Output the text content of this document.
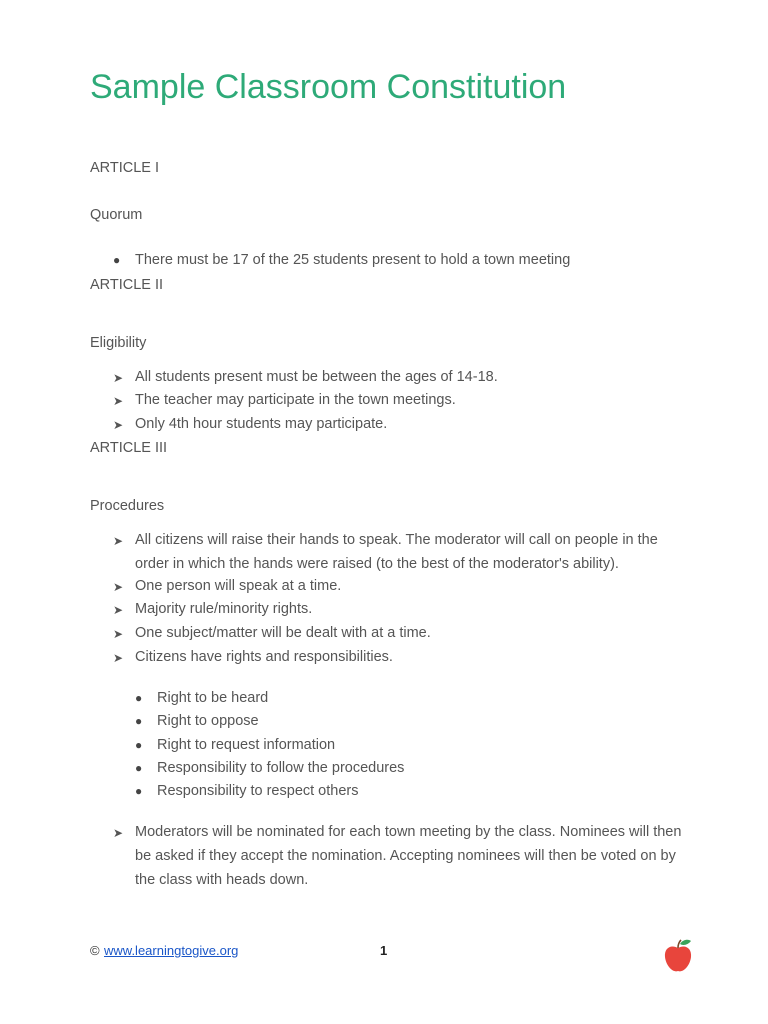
Sample Classroom Constitution
ARTICLE I
Quorum
● There must be 17 of the 25 students present to hold a town meeting
ARTICLE II
Eligibility
➤ All students present must be between the ages of 14-18.
➤ The teacher may participate in the town meetings.
➤ Only 4th hour students may participate.
ARTICLE III
Procedures
➤ All citizens will raise their hands to speak. The moderator will call on people in the
order in which the hands were raised (to the best of the moderator's ability).
➤ One person will speak at a time.
➤ Majority rule/minority rights.
➤ One subject/matter will be dealt with at a time.
➤ Citizens have rights and responsibilities.
● Right to be heard
● Right to oppose
● Right to request information
● Responsibility to follow the procedures
● Responsibility to respect others
➤ Moderators will be nominated for each town meeting by the class. Nominees will then
be asked if they accept the nomination. Accepting nominees will then be voted on by
the class with heads down.
© www.learningtogive.org	1
